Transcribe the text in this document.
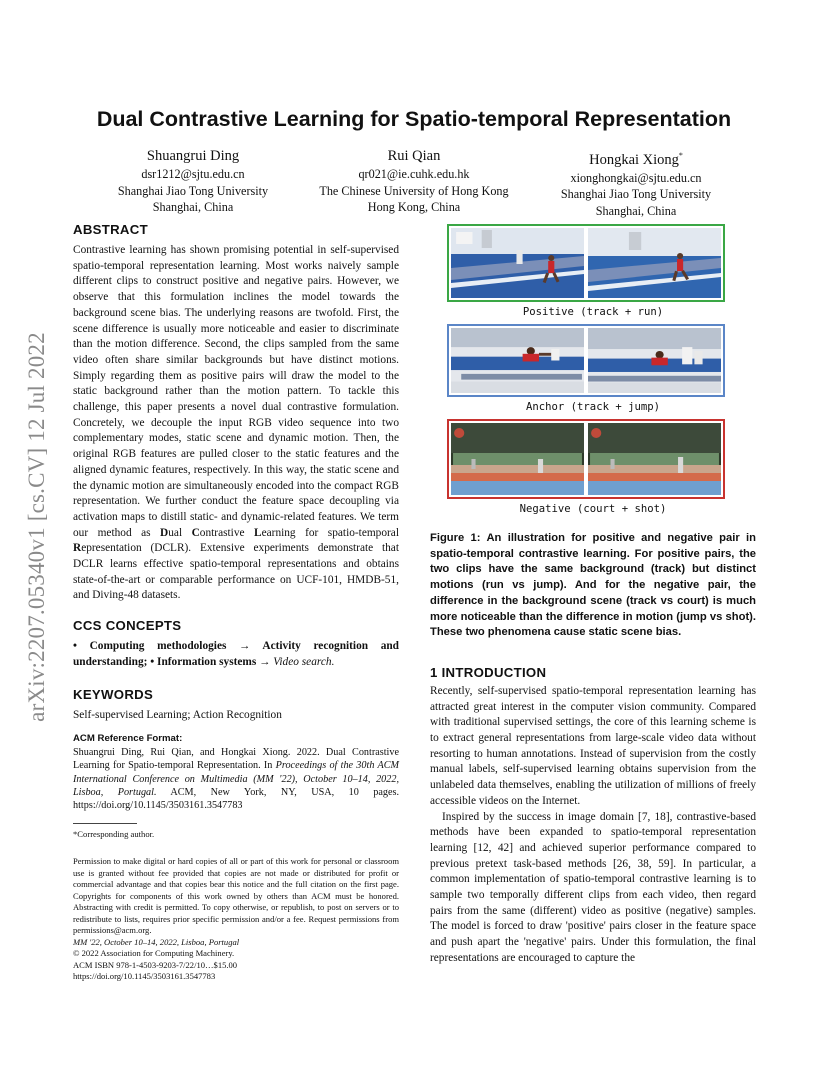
arXiv:2207.05340v1 [cs.CV] 12 Jul 2022
Dual Contrastive Learning for Spatio-temporal Representation
Shuangrui Ding
dsr1212@sjtu.edu.cn
Shanghai Jiao Tong University
Shanghai, China
Rui Qian
qr021@ie.cuhk.edu.hk
The Chinese University of Hong Kong
Hong Kong, China
Hongkai Xiong*
xionghongkai@sjtu.edu.cn
Shanghai Jiao Tong University
Shanghai, China
ABSTRACT

Contrastive learning has shown promising potential in self-supervised spatio-temporal representation learning. Most works naively sample different clips to construct positive and negative pairs. However, we observe that this formulation inclines the model towards the background scene bias. The underlying reasons are twofold. First, the scene difference is usually more noticeable and easier to discriminate than the motion difference. Second, the clips sampled from the same video often share similar backgrounds but have distinct motions. Simply regarding them as positive pairs will draw the model to the static background rather than the motion pattern. To tackle this challenge, this paper presents a novel dual contrastive formulation. Concretely, we decouple the input RGB video sequence into two complementary modes, static scene and dynamic motion. Then, the original RGB features are pulled closer to the static features and the aligned dynamic features, respectively. In this way, the static scene and the dynamic motion are simultaneously encoded into the compact RGB representation. We further conduct the feature space decoupling via activation maps to distill static- and dynamic-related features. We term our method as Dual Contrastive Learning for spatio-temporal Representation (DCLR). Extensive experiments demonstrate that DCLR learns effective spatio-temporal representations and obtains state-of-the-art or comparable performance on UCF-101, HMDB-51, and Diving-48 datasets.

CCS CONCEPTS

• Computing methodologies → Activity recognition and understanding; • Information systems → Video search.

KEYWORDS

Self-supervised Learning; Action Recognition

ACM Reference Format:

Shuangrui Ding, Rui Qian, and Hongkai Xiong. 2022. Dual Contrastive Learning for Spatio-temporal Representation. In Proceedings of the 30th ACM International Conference on Multimedia (MM '22), October 10–14, 2022, Lisboa, Portugal. ACM, New York, NY, USA, 10 pages. https://doi.org/10.1145/3503161.3547783

*Corresponding author.

Permission to make digital or hard copies of all or part of this work for personal or classroom use is granted without fee provided that copies are not made or distributed for profit or commercial advantage and that copies bear this notice and the full citation on the first page. Copyrights for components of this work owned by others than ACM must be honored. Abstracting with credit is permitted. To copy otherwise, or republish, to post on servers or to redistribute to lists, requires prior specific permission and/or a fee. Request permissions from permissions@acm.org.

MM '22, October 10–14, 2022, Lisboa, Portugal
© 2022 Association for Computing Machinery.
ACM ISBN 978-1-4503-9203-7/22/10…$15.00
https://doi.org/10.1145/3503161.3547783
Positive (track + run)
Anchor (track + jump)
Negative (court + shot)

Figure 1: An illustration for positive and negative pair in spatio-temporal contrastive learning. For positive pairs, the two clips have the same background (track) but distinct motions (run vs jump). And for the negative pair, the difference in the background scene (track vs court) is much more noticeable than the difference in motion (jump vs shot). These two phenomena cause static scene bias.

1 INTRODUCTION

Recently, self-supervised spatio-temporal representation learning has attracted great interest in the computer vision community. Compared with traditional supervised settings, the core of this learning scheme is to extract general representations from large-scale video data without resorting to human annotations. Instead of supervision from the costly manual labels, self-supervised learning obtains supervision from the unlabeled data themselves, enabling the utilization of millions of freely accessible videos on the Internet.

Inspired by the success in image domain [7, 18], contrastive-based methods have been expanded to spatio-temporal representation learning [12, 42] and achieved superior performance compared to previous pretext task-based methods [26, 38, 59]. In particular, a common implementation of spatio-temporal contrastive learning is to sample two temporally different clips from each video, then regard pairs from the same (different) video as positive (negative) samples. The model is forced to draw 'positive' pairs closer in the feature space and push apart the 'negative' pairs. Under this formulation, the final representations are encouraged to capture the
